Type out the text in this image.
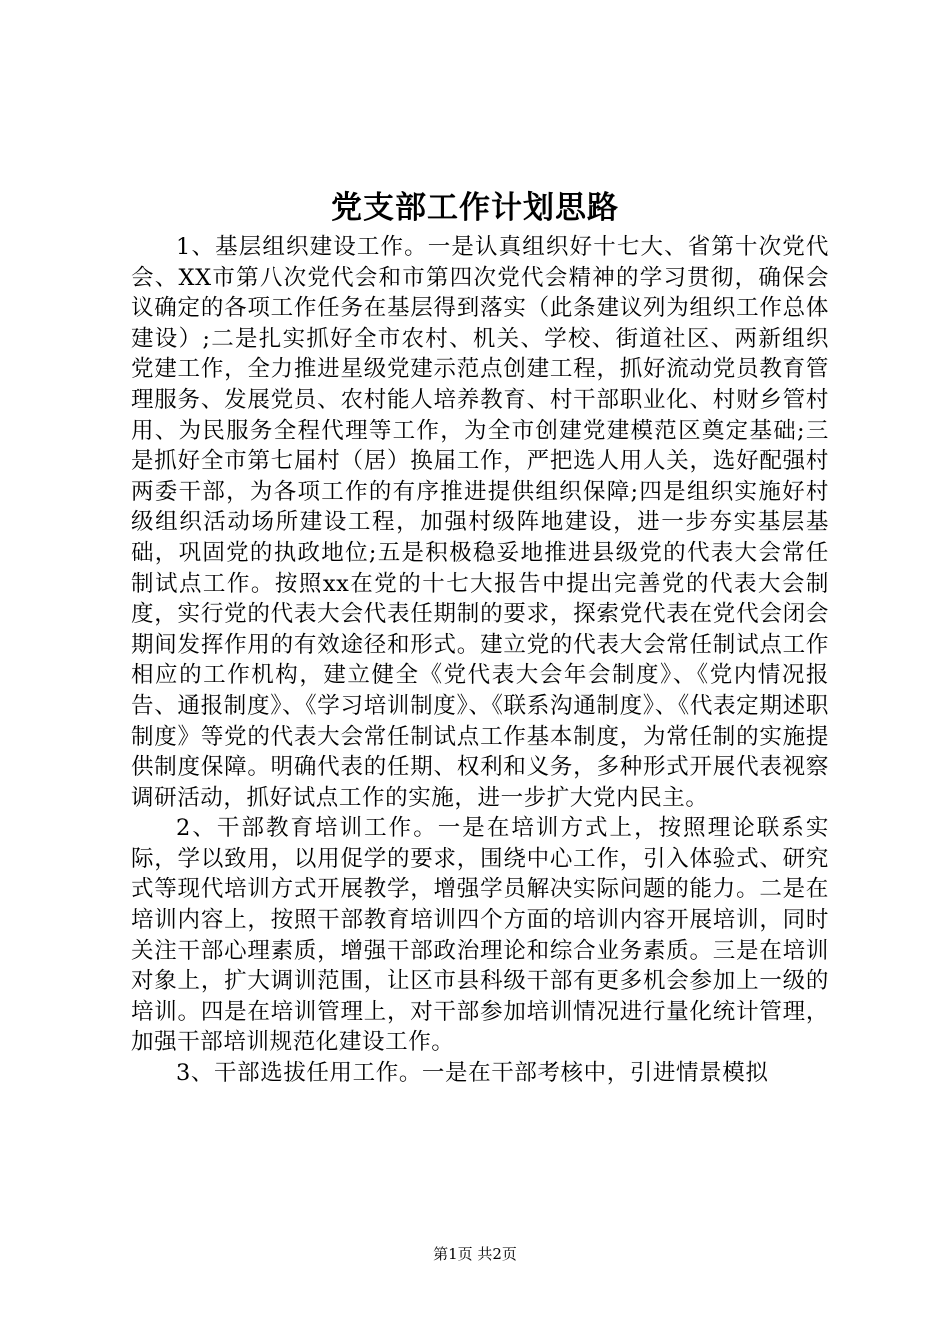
党支部工作计划思路

1、基层组织建设工作。一是认真组织好十七大、省第十次党代会、XX市第八次党代会和市第四次党代会精神的学习贯彻，确保会议确定的各项工作任务在基层得到落实（此条建议列为组织工作总体建设）;二是扎实抓好全市农村、机关、学校、街道社区、两新组织党建工作，全力推进星级党建示范点创建工程，抓好流动党员教育管理服务、发展党员、农村能人培养教育、村干部职业化、村财乡管村用、为民服务全程代理等工作，为全市创建党建模范区奠定基础;三是抓好全市第七届村（居）换届工作，严把选人用人关，选好配强村两委干部，为各项工作的有序推进提供组织保障;四是组织实施好村级组织活动场所建设工程，加强村级阵地建设，进一步夯实基层基础，巩固党的执政地位;五是积极稳妥地推进县级党的代表大会常任制试点工作。按照xx在党的十七大报告中提出完善党的代表大会制度，实行党的代表大会代表任期制的要求，探索党代表在党代会闭会期间发挥作用的有效途径和形式。建立党的代表大会常任制试点工作相应的工作机构，建立健全《党代表大会年会制度》、《党内情况报告、通报制度》、《学习培训制度》、《联系沟通制度》、《代表定期述职制度》等党的代表大会常任制试点工作基本制度，为常任制的实施提供制度保障。明确代表的任期、权利和义务，多种形式开展代表视察调研活动，抓好试点工作的实施，进一步扩大党内民主。

2、干部教育培训工作。一是在培训方式上，按照理论联系实际，学以致用，以用促学的要求，围绕中心工作，引入体验式、研究式等现代培训方式开展教学，增强学员解决实际问题的能力。二是在培训内容上，按照干部教育培训四个方面的培训内容开展培训，同时关注干部心理素质，增强干部政治理论和综合业务素质。三是在培训对象上，扩大调训范围，让区市县科级干部有更多机会参加上一级的培训。四是在培训管理上，对干部参加培训情况进行量化统计管理，加强干部培训规范化建设工作。

3、干部选拔任用工作。一是在干部考核中，引进情景模拟

第1页 共2页
